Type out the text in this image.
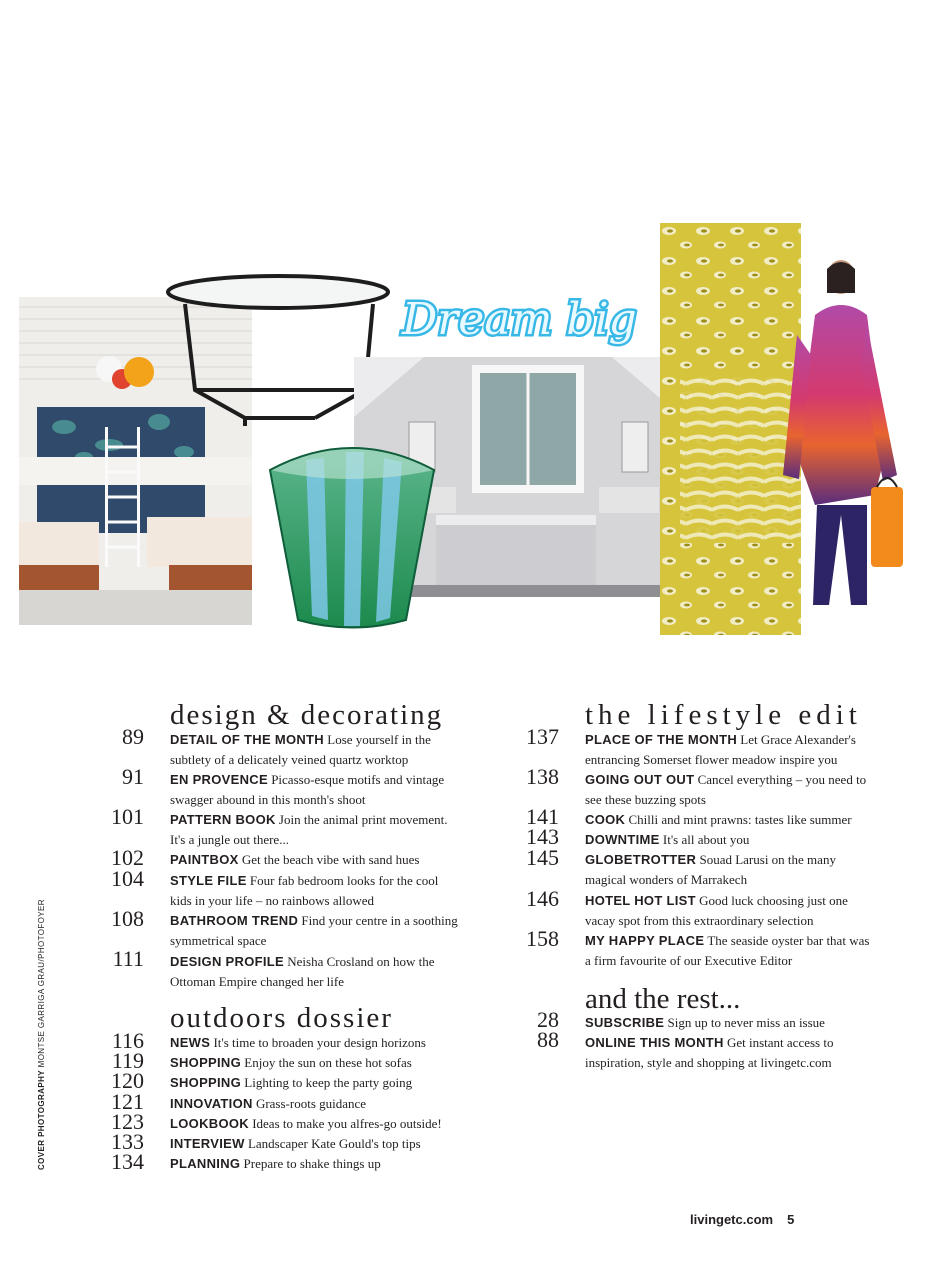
Dream big
design & decorating
89 DETAIL OF THE MONTH Lose yourself in the subtlety of a delicately veined quartz worktop
91 EN PROVENCE Picasso-esque motifs and vintage swagger abound in this month's shoot
101 PATTERN BOOK Join the animal print movement. It's a jungle out there...
102 PAINTBOX Get the beach vibe with sand hues
104 STYLE FILE Four fab bedroom looks for the cool kids in your life – no rainbows allowed
108 BATHROOM TREND Find your centre in a soothing symmetrical space
111 DESIGN PROFILE Neisha Crosland on how the Ottoman Empire changed her life
outdoors dossier
116 NEWS It's time to broaden your design horizons
119 SHOPPING Enjoy the sun on these hot sofas
120 SHOPPING Lighting to keep the party going
121 INNOVATION Grass-roots guidance
123 LOOKBOOK Ideas to make you alfres-go outside!
133 INTERVIEW Landscaper Kate Gould's top tips
134 PLANNING Prepare to shake things up
the lifestyle edit
137 PLACE OF THE MONTH Let Grace Alexander's entrancing Somerset flower meadow inspire you
138 GOING OUT OUT Cancel everything – you need to see these buzzing spots
141 COOK Chilli and mint prawns: tastes like summer
143 DOWNTIME It's all about you
145 GLOBETROTTER Souad Larusi on the many magical wonders of Marrakech
146 HOTEL HOT LIST Good luck choosing just one vacay spot from this extraordinary selection
158 MY HAPPY PLACE The seaside oyster bar that was a firm favourite of our Executive Editor
and the rest...
28 SUBSCRIBE Sign up to never miss an issue
88 ONLINE THIS MONTH Get instant access to inspiration, style and shopping at livingetc.com
COVER PHOTOGRAPHY MONTSE GARRIGA GRAU/PHOTOFOYER
livingetc.com 5
